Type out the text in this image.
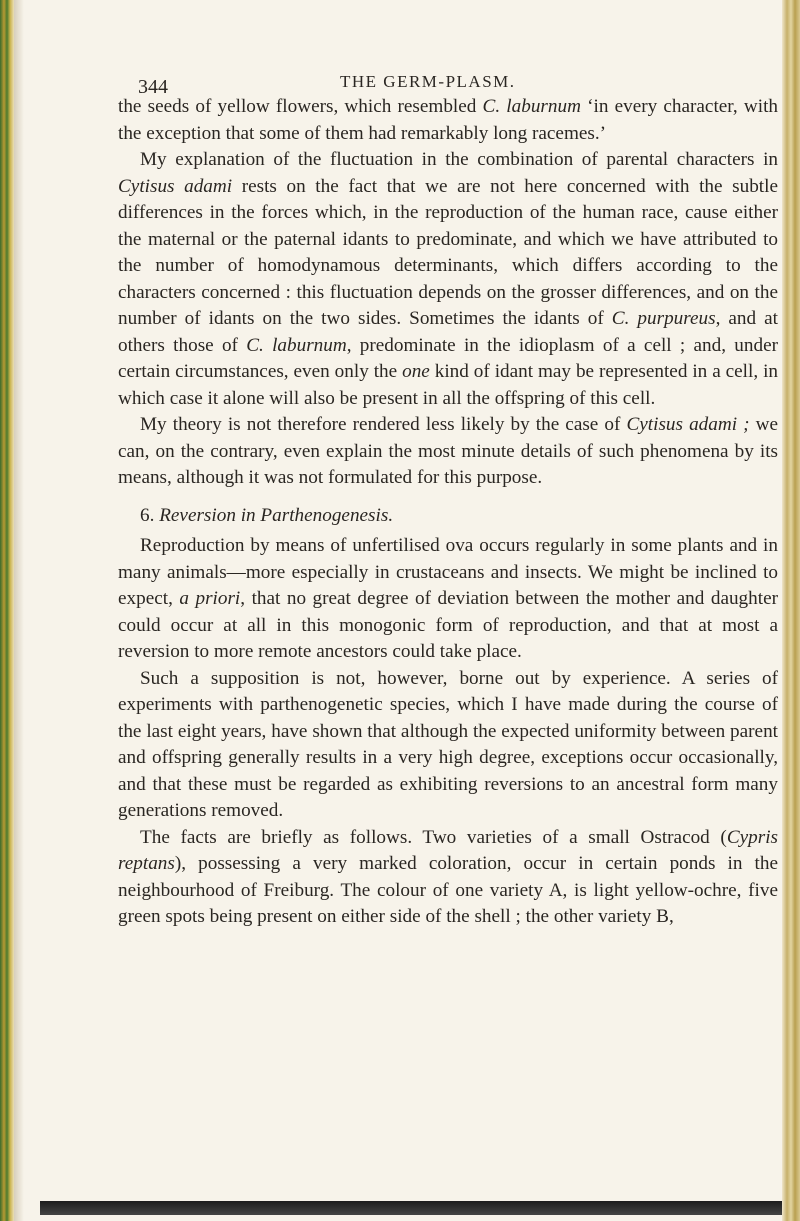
344	THE GERM-PLASM.

the seeds of yellow flowers, which resembled C. laburnum ‘in every character, with the exception that some of them had remarkably long racemes.’

My explanation of the fluctuation in the combination of parental characters in Cytisus adami rests on the fact that we are not here concerned with the subtle differences in the forces which, in the reproduction of the human race, cause either the maternal or the paternal idants to predominate, and which we have attributed to the number of homodynamous determinants, which differs according to the characters concerned : this fluctuation depends on the grosser differences, and on the number of idants on the two sides. Sometimes the idants of C. purpureus, and at others those of C. laburnum, predominate in the idioplasm of a cell ; and, under certain circumstances, even only the one kind of idant may be represented in a cell, in which case it alone will also be present in all the offspring of this cell.

My theory is not therefore rendered less likely by the case of Cytisus adami ; we can, on the contrary, even explain the most minute details of such phenomena by its means, although it was not formulated for this purpose.

6. Reversion in Parthenogenesis.

Reproduction by means of unfertilised ova occurs regularly in some plants and in many animals—more especially in crustaceans and insects. We might be inclined to expect, a priori, that no great degree of deviation between the mother and daughter could occur at all in this monogonic form of reproduction, and that at most a reversion to more remote ancestors could take place.

Such a supposition is not, however, borne out by experience. A series of experiments with parthenogenetic species, which I have made during the course of the last eight years, have shown that although the expected uniformity between parent and offspring generally results in a very high degree, exceptions occur occasionally, and that these must be regarded as exhibiting reversions to an ancestral form many generations removed.

The facts are briefly as follows. Two varieties of a small Ostracod (Cypris reptans), possessing a very marked coloration, occur in certain ponds in the neighbourhood of Freiburg. The colour of one variety A, is light yellow-ochre, five green spots being present on either side of the shell ; the other variety B,
